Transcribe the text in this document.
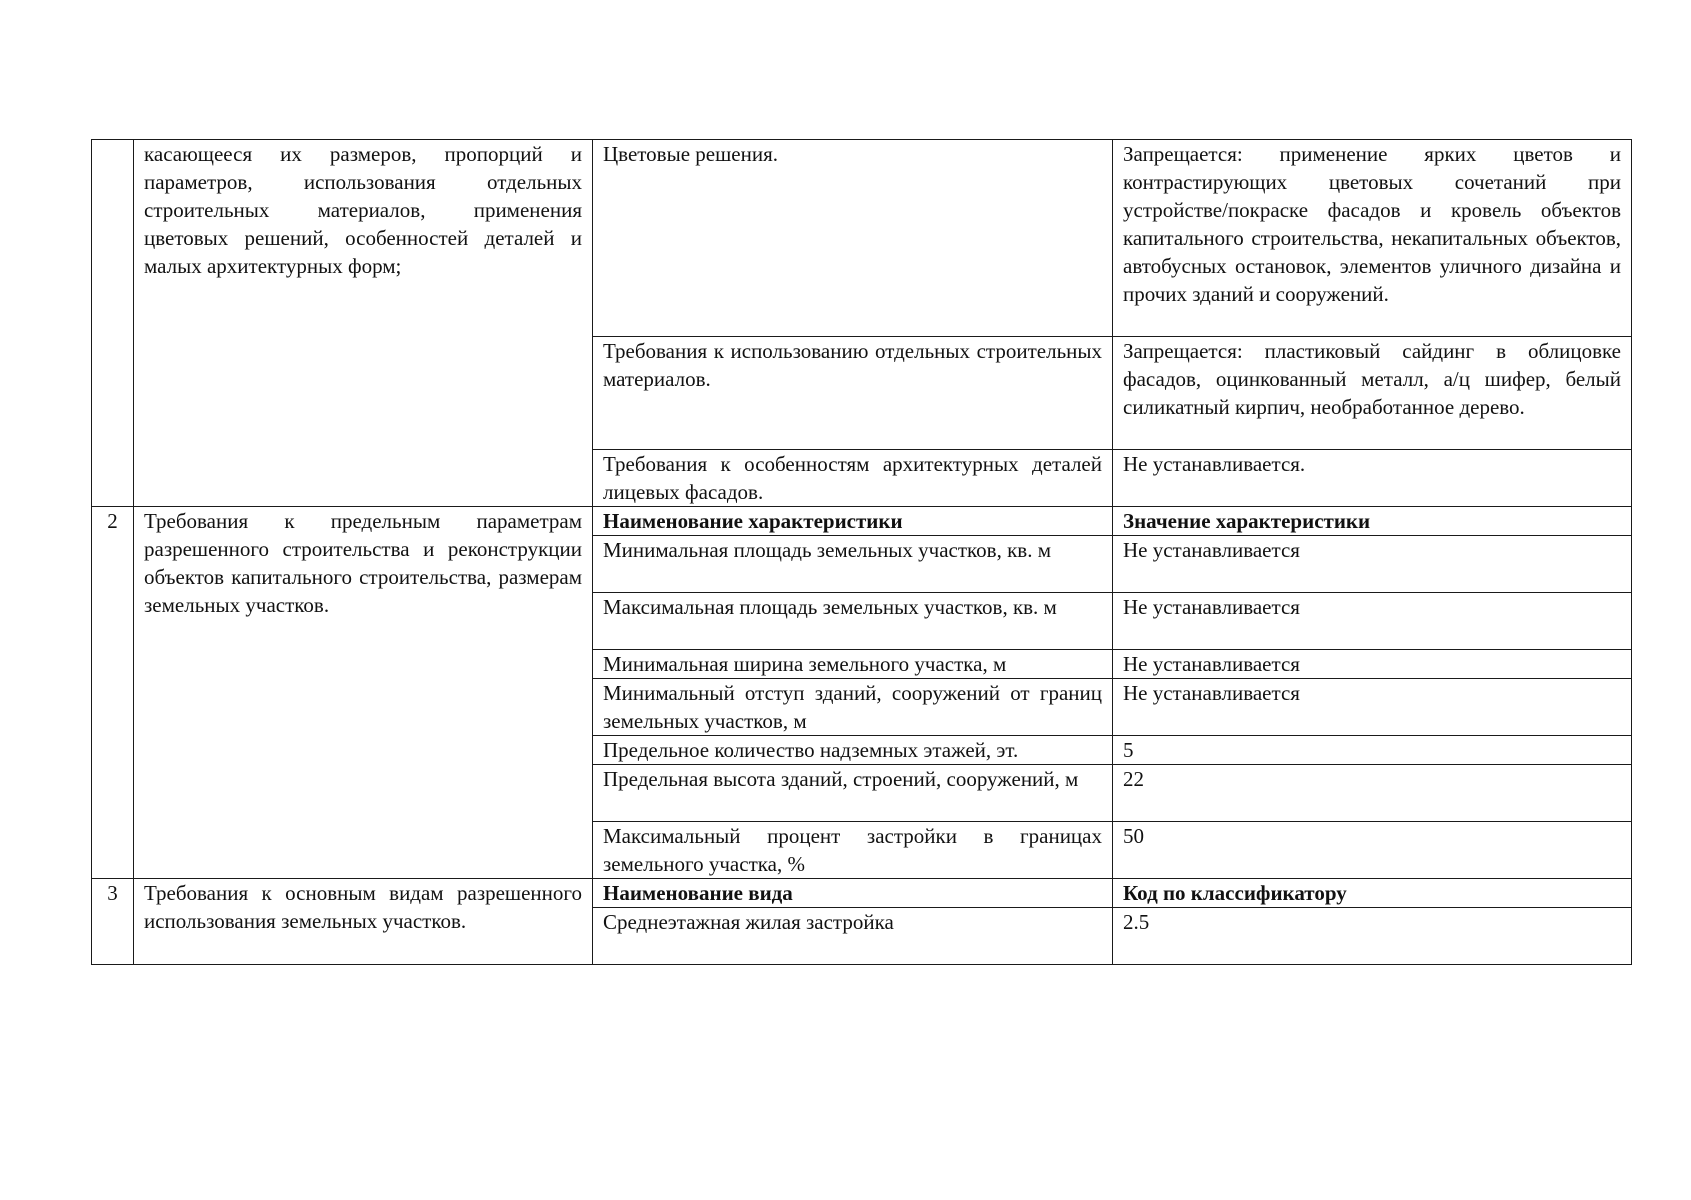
	касающееся их размеров, пропорций и параметров, использования отдельных строительных материалов, применения цветовых решений, особенностей деталей и малых архитектурных форм;	Цветовые решения.	Запрещается: применение ярких цветов и контрастирующих цветовых сочетаний при устройстве/покраске фасадов и кровель объектов капитального строительства, некапитальных объектов, автобусных остановок, элементов уличного дизайна и прочих зданий и сооружений.
		Требования к использованию отдельных строительных материалов.	Запрещается: пластиковый сайдинг в облицовке фасадов, оцинкованный металл, а/ц шифер, белый силикатный кирпич, необработанное дерево.
		Требования к особенностям архитектурных деталей лицевых фасадов.	Не устанавливается.
2	Требования к предельным параметрам разрешенного строительства и реконструкции объектов капитального строительства, размерам земельных участков.	Наименование характеристики	Значение характеристики
		Минимальная площадь земельных участков, кв. м	Не устанавливается
		Максимальная площадь земельных участков, кв. м	Не устанавливается
		Минимальная ширина земельного участка, м	Не устанавливается
		Минимальный отступ зданий, сооружений от границ земельных участков, м	Не устанавливается
		Предельное количество надземных этажей, эт.	5
		Предельная высота зданий, строений, сооружений, м	22
		Максимальный процент застройки в границах земельного участка, %	50
3	Требования к основным видам разрешенного использования земельных участков.	Наименование вида	Код по классификатору
		Среднеэтажная жилая застройка	2.5
